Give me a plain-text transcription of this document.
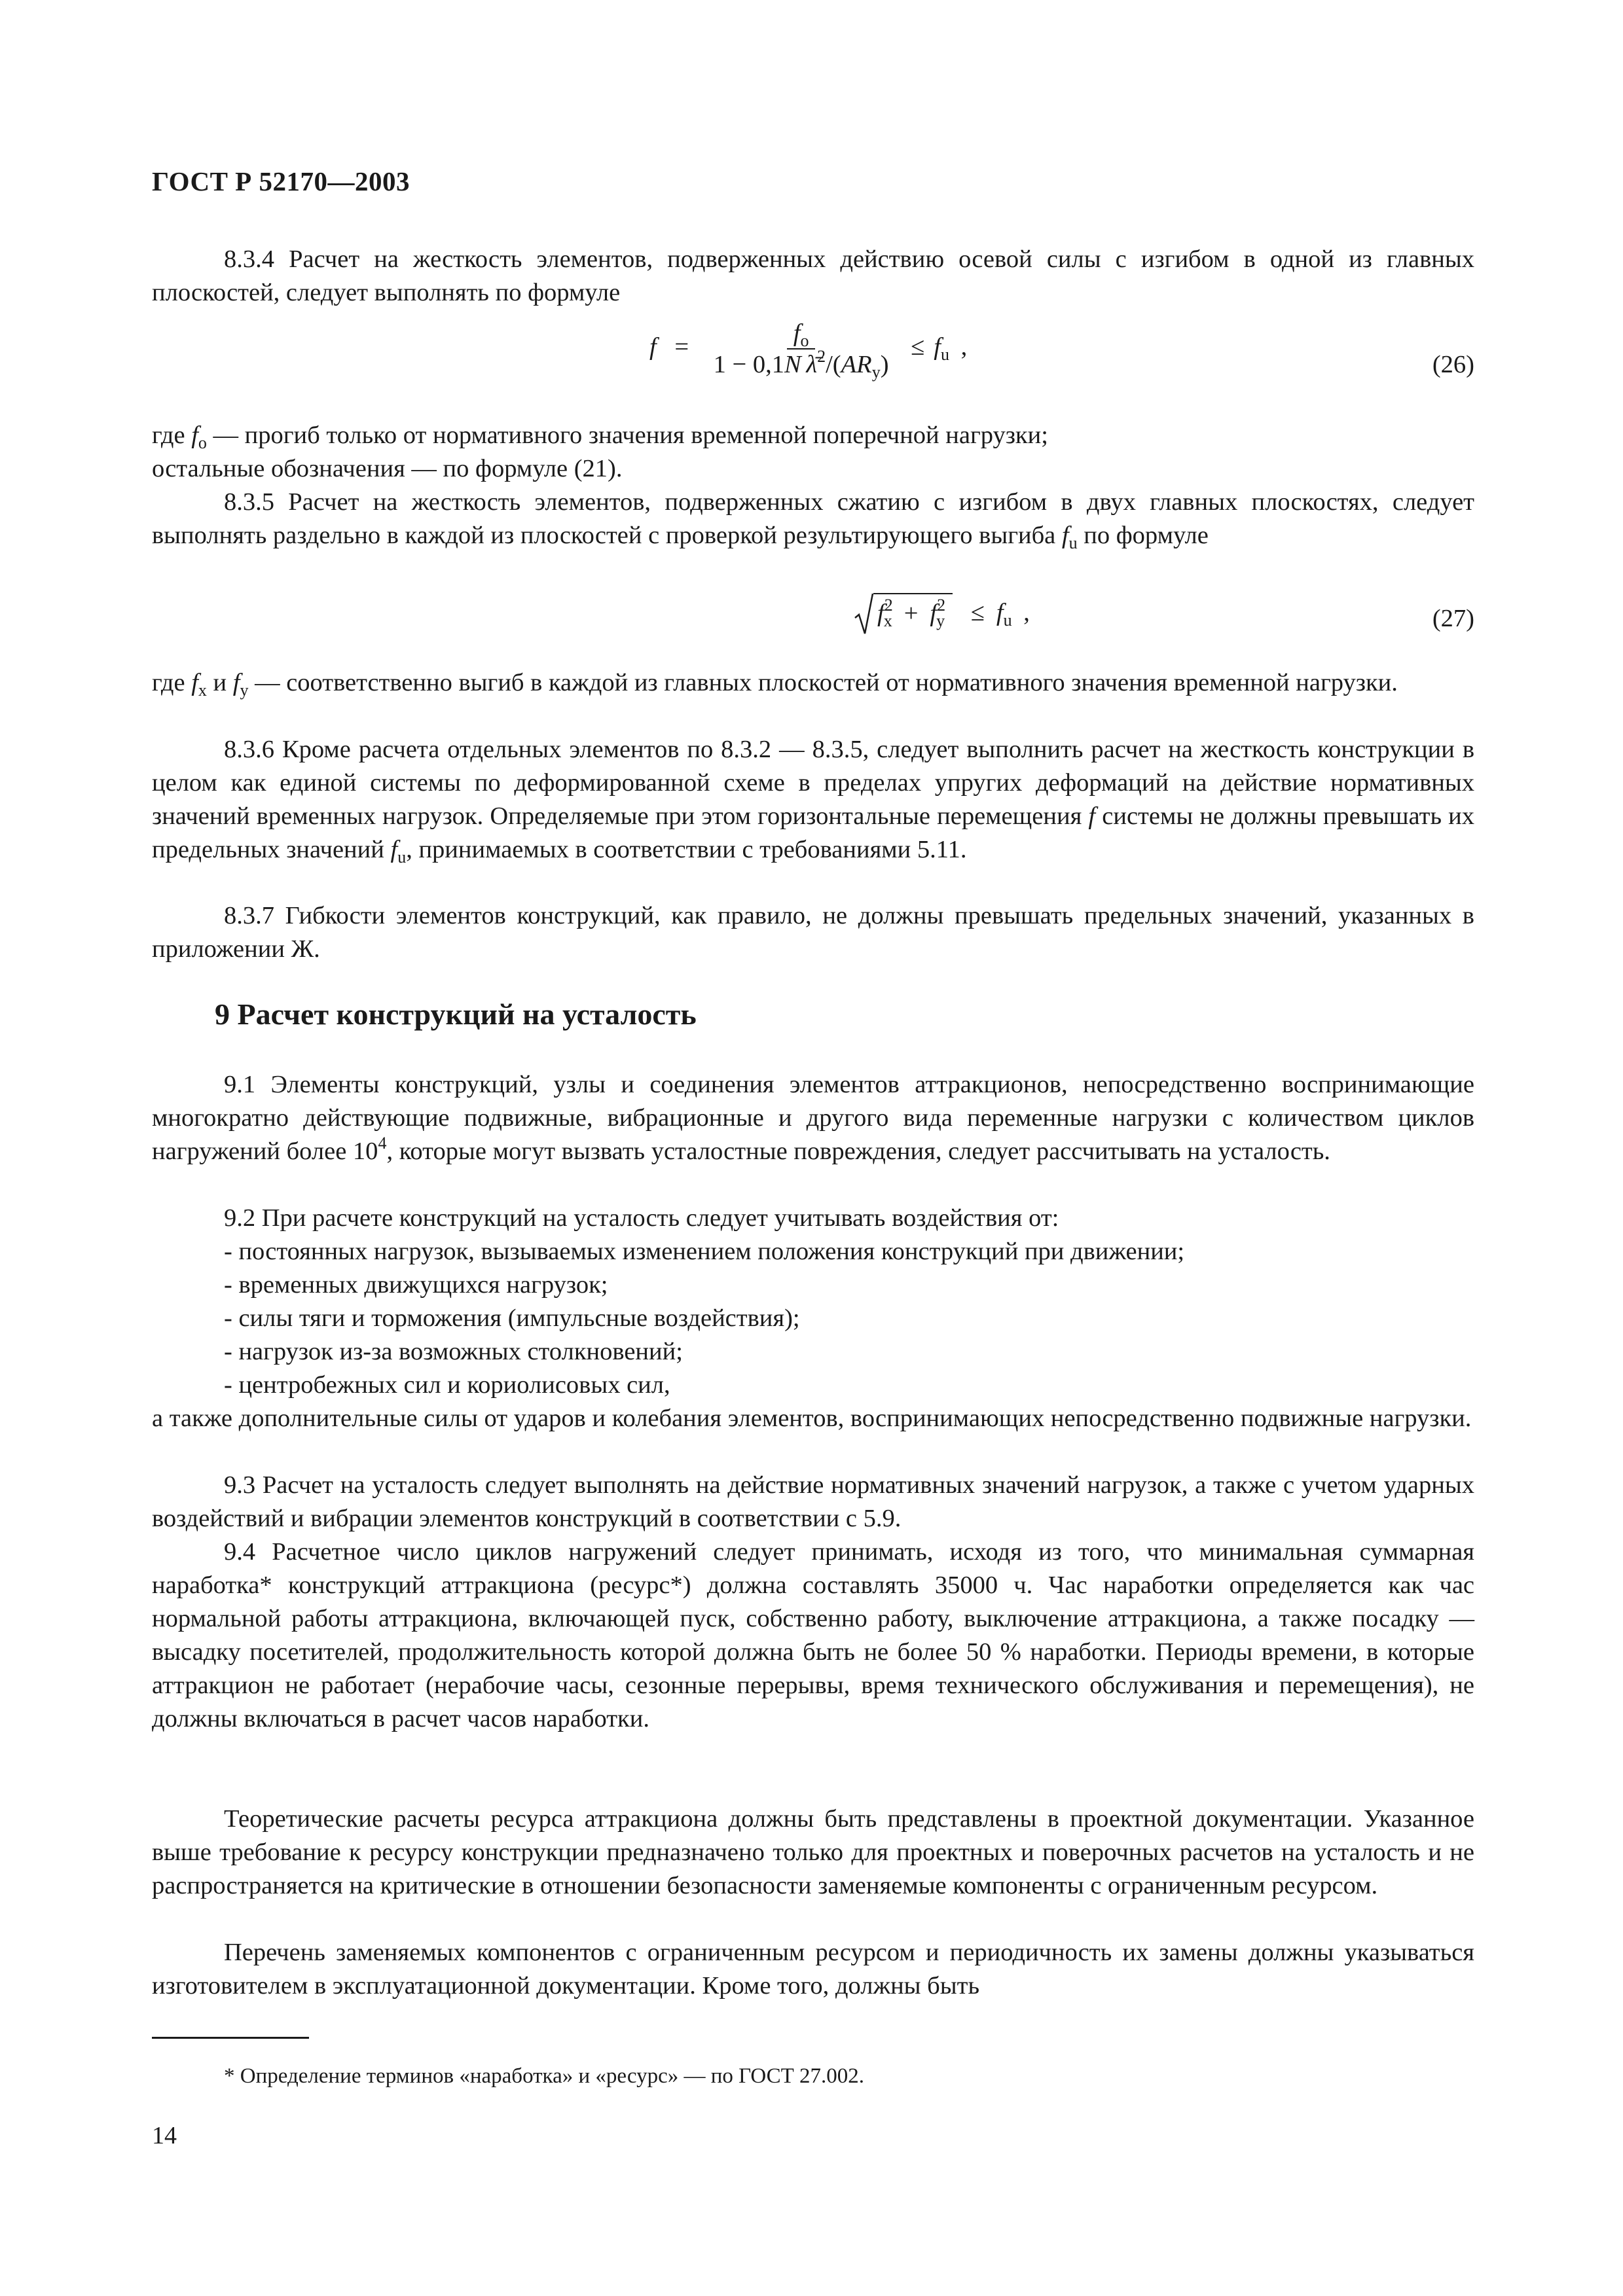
ГОСТ Р 52170—2003

8.3.4 Расчет на жесткость элементов, подверженных действию осевой силы с изгибом в одной из главных плоскостей, следует выполнять по формуле

$f = \frac{f_o}{1 - 0,1N \lambdā^2/(AR_y)} \le f_u$ ,
(26)

где $f_o$ — прогиб только от нормативного значения временной поперечной нагрузки;

остальные обозначения — по формуле (21).

8.3.5 Расчет на жесткость элементов, подверженных сжатию с изгибом в двух главных плоскостях, следует выполнять раздельно в каждой из плоскостей с проверкой результирующего выгиба $f_u$ по формуле

$f^2_x + f^2_y$	≤ $f_u$ ,	(27)

где $f_x$ и $f_y$ — соответственно выгиб в каждой из главных плоскостей от нормативного значения временной нагрузки.

8.3.6 Кроме расчета отдельных элементов по 8.3.2 — 8.3.5, следует выполнить расчет на жесткость конструкции в целом как единой системы по деформированной схеме в пределах упругих деформаций на действие нормативных значений временных нагрузок. Определяемые при этом горизонтальные перемещения f системы не должны превышать их предельных значений $f_u$, принимаемых в соответствии с требованиями 5.11.

8.3.7 Гибкости элементов конструкций, как правило, не должны превышать предельных значений, указанных в приложении Ж.

9 Расчет конструкций на усталость

9.1 Элементы конструкций, узлы и соединения элементов аттракционов, непосредственно воспринимающие многократно действующие подвижные, вибрационные и другого вида переменные нагрузки с количеством циклов нагружений более $10^4$, которые могут вызвать усталостные повреждения, следует рассчитывать на усталость.

9.2 При расчете конструкций на усталость следует учитывать воздействия от:

- постоянных нагрузок, вызываемых изменением положения конструкций при движении;

- временных движущихся нагрузок;

- силы тяги и торможения (импульсные воздействия);

- нагрузок из-за возможных столкновений;

- центробежных сил и кориолисовых сил,

а также дополнительные силы от ударов и колебания элементов, воспринимающих непосредственно подвижные нагрузки.

9.3 Расчет на усталость следует выполнять на действие нормативных значений нагрузок, а также с учетом ударных воздействий и вибрации элементов конструкций в соответствии с 5.9.

9.4 Расчетное число циклов нагружений следует принимать, исходя из того, что минимальная суммарная наработка* конструкций аттракциона (ресурс*) должна составлять 35000 ч. Час наработки определяется как час нормальной работы аттракциона, включающей пуск, собственно работу, выключение аттракциона, а также посадку — высадку посетителей, продолжительность которой должна быть не более 50 % наработки. Периоды времени, в которые аттракцион не работает (нерабочие часы, сезонные перерывы, время технического обслуживания и перемещения), не должны включаться в расчет часов наработки.

Теоретические расчеты ресурса аттракциона должны быть представлены в проектной документации. Указанное выше требование к ресурсу конструкции предназначено только для проектных и поверочных расчетов на усталость и не распространяется на критические в отношении безопасности заменяемые компоненты с ограниченным ресурсом.

Перечень заменяемых компонентов с ограниченным ресурсом и периодичность их замены должны указываться изготовителем в эксплуатационной документации. Кроме того, должны быть

* Определение терминов «наработка» и «ресурс» — по ГОСТ 27.002.
14
